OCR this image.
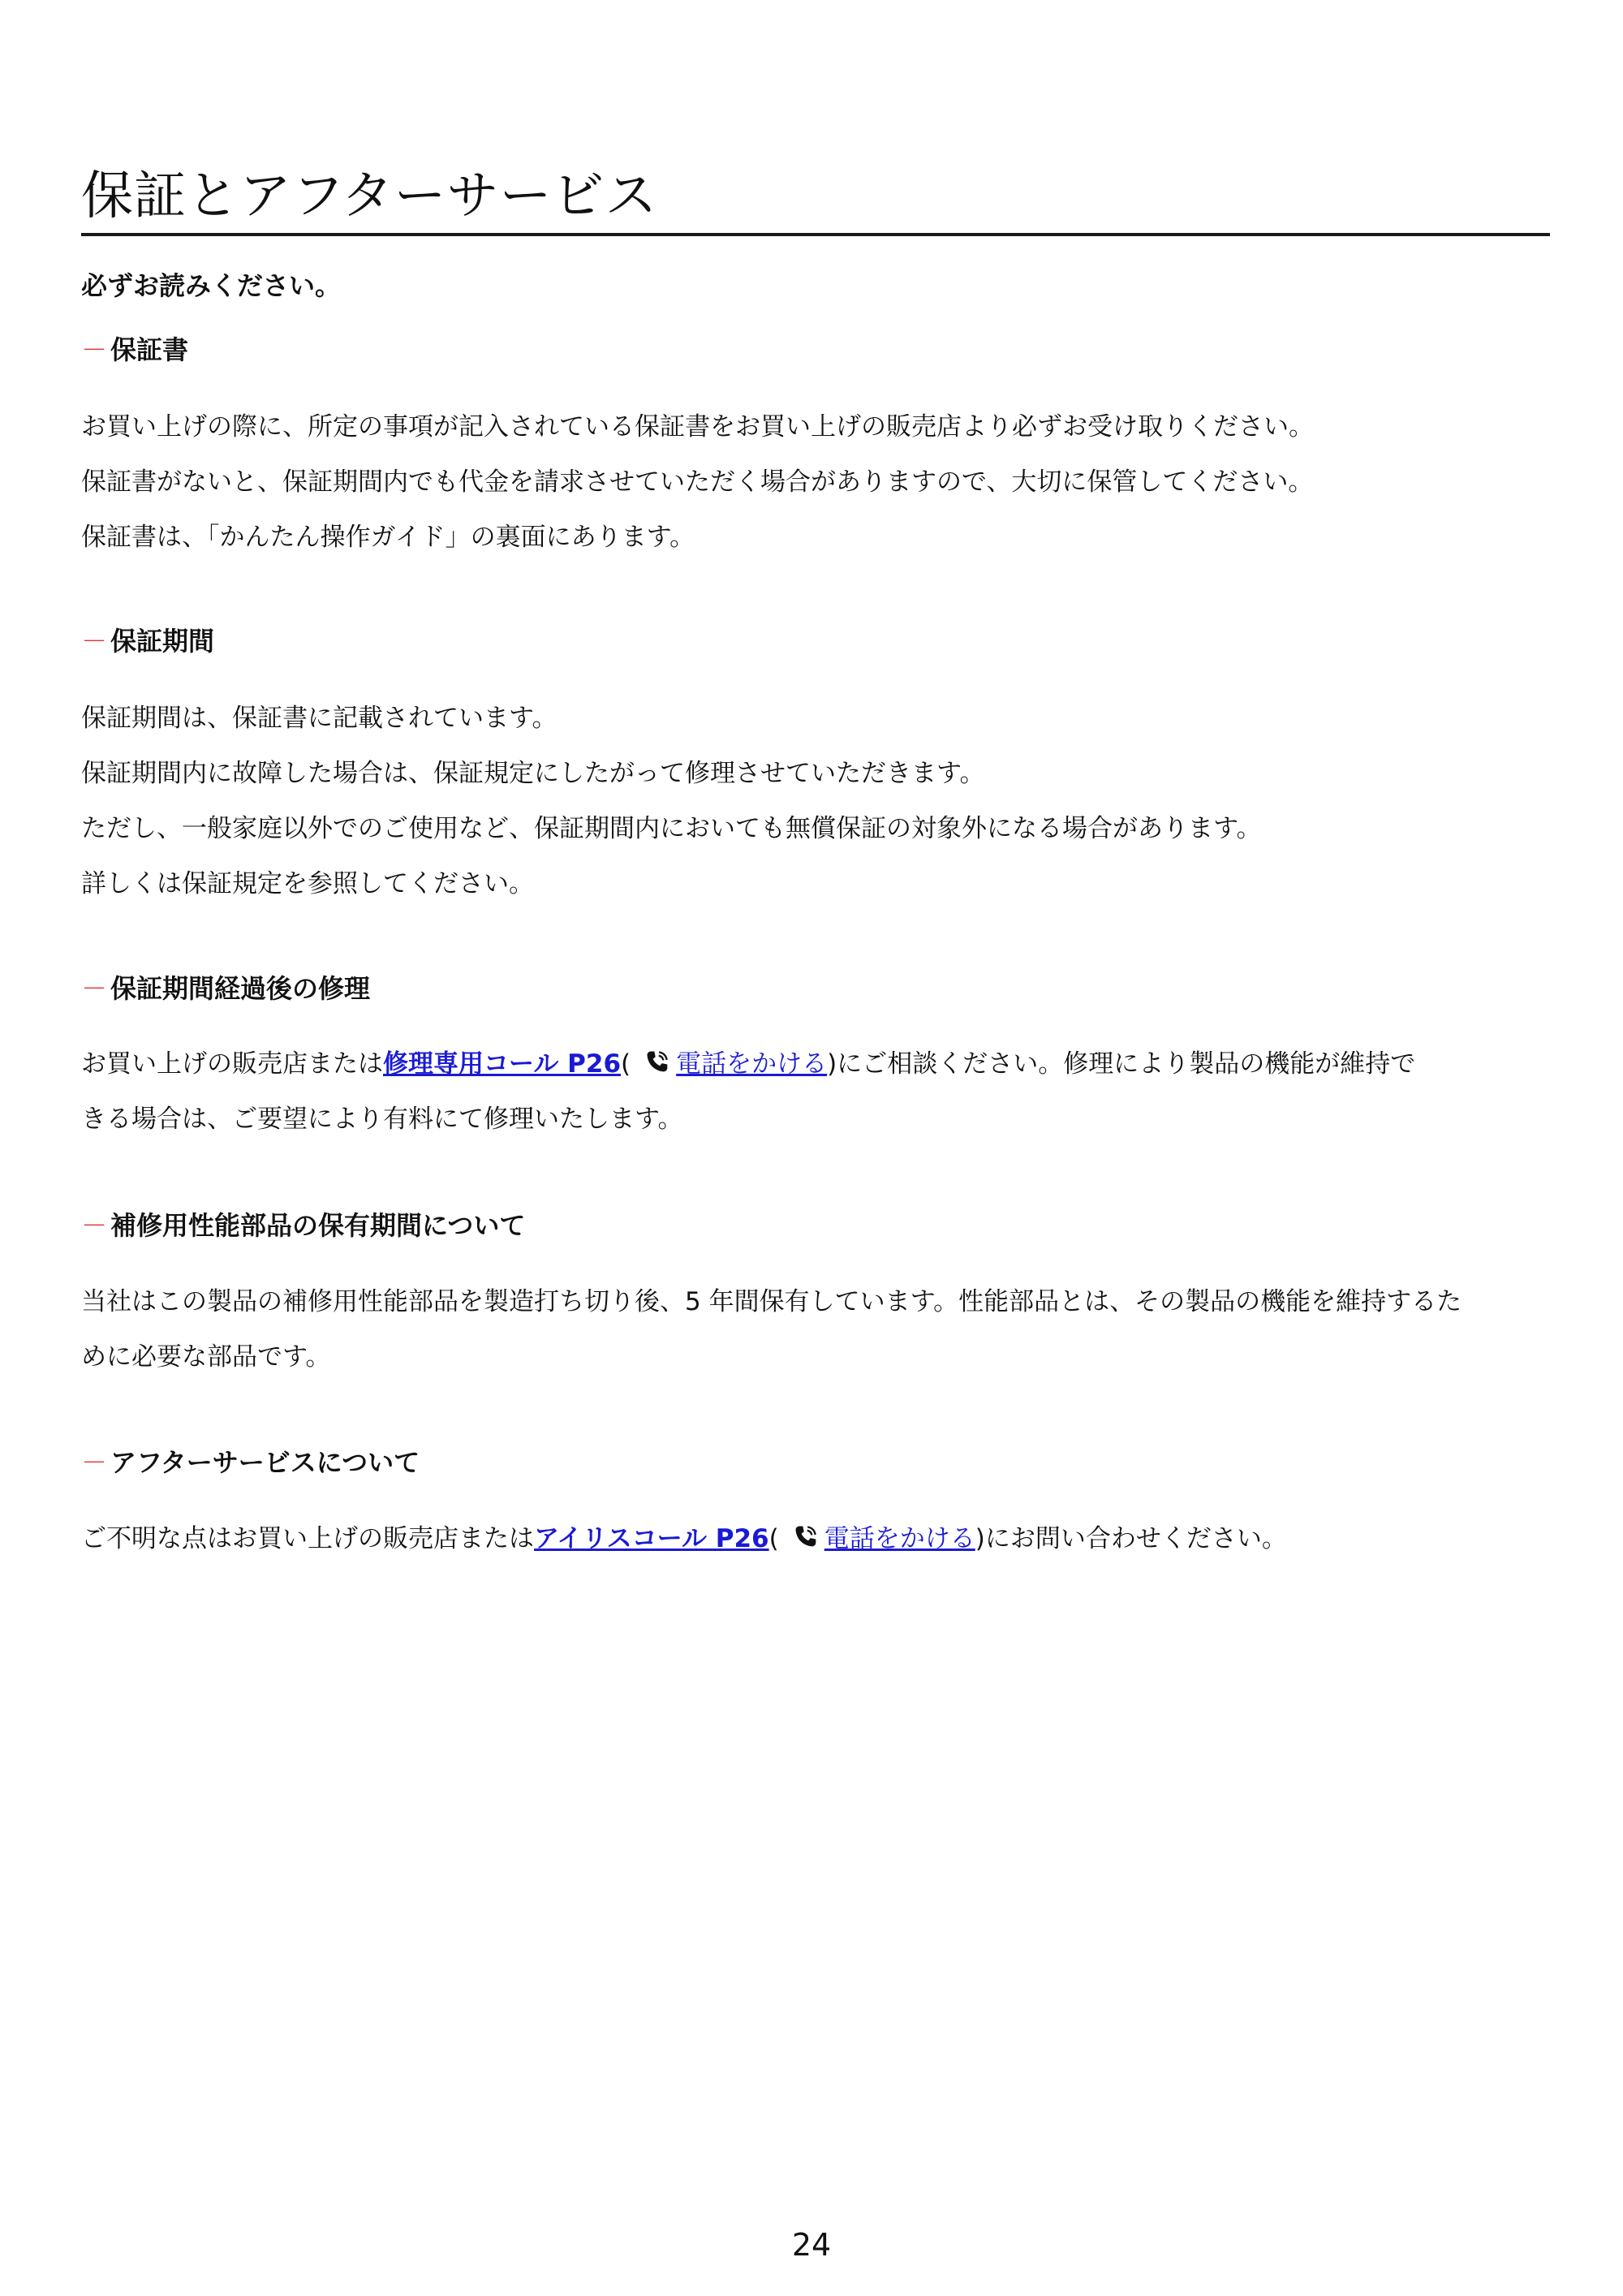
保証とアフターサービス
必ずお読みください。
－ 保証書

お買い上げの際に、所定の事項が記入されている保証書をお買い上げの販売店より必ずお受け取りください。

保証書がないと、保証期間内でも代金を請求させていただく場合がありますので、大切に保管してください。

保証書は、「かんたん操作ガイド」の裏面にあります。

－ 保証期間

保証期間は、保証書に記載されています。

保証期間内に故障した場合は、保証規定にしたがって修理させていただきます。

ただし、一般家庭以外でのご使用など、保証期間内においても無償保証の対象外になる場合があります。

詳しくは保証規定を参照してください。

－ 保証期間経過後の修理

お買い上げの販売店または修理専用コール P26( 電話をかける)にご相談ください。修理により製品の機能が維持で

きる場合は、ご要望により有料にて修理いたします。

－ 補修用性能部品の保有期間について

当社はこの製品の補修用性能部品を製造打ち切り後、5 年間保有しています。性能部品とは、その製品の機能を維持するた

めに必要な部品です。

－ アフターサービスについて

ご不明な点はお買い上げの販売店またはアイリスコール P26( 電話をかける)にお問い合わせください。

24
